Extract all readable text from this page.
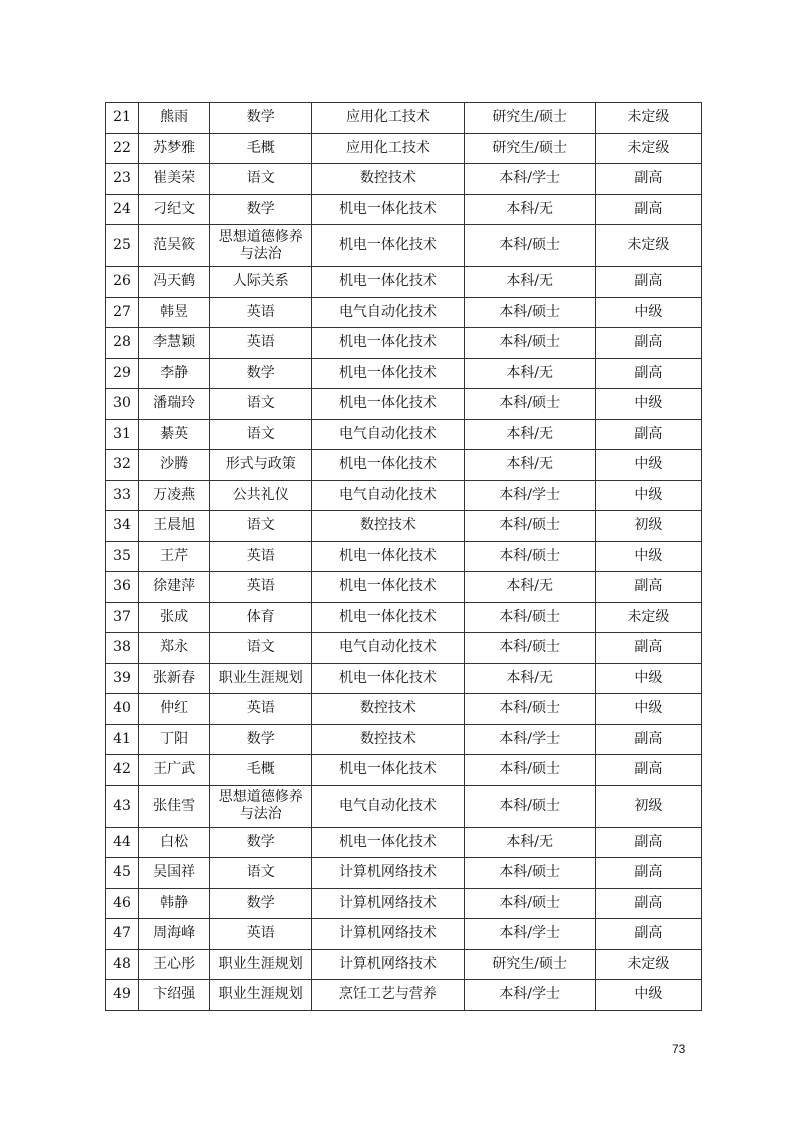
21	熊雨	数学	应用化工技术	研究生/硕士	未定级
22	苏梦雅	毛概	应用化工技术	研究生/硕士	未定级
23	崔美荣	语文	数控技术	本科/学士	副高
24	刁纪文	数学	机电一体化技术	本科/无	副高
25	范吴筱	思想道德修养与法治	机电一体化技术	本科/硕士	未定级
26	冯天鹤	人际关系	机电一体化技术	本科/无	副高
27	韩昱	英语	电气自动化技术	本科/硕士	中级
28	李慧颖	英语	机电一体化技术	本科/硕士	副高
29	李静	数学	机电一体化技术	本科/无	副高
30	潘瑞玲	语文	机电一体化技术	本科/硕士	中级
31	綦英	语文	电气自动化技术	本科/无	副高
32	沙腾	形式与政策	机电一体化技术	本科/无	中级
33	万凌燕	公共礼仪	电气自动化技术	本科/学士	中级
34	王晨旭	语文	数控技术	本科/硕士	初级
35	王芹	英语	机电一体化技术	本科/硕士	中级
36	徐建萍	英语	机电一体化技术	本科/无	副高
37	张成	体育	机电一体化技术	本科/硕士	未定级
38	郑永	语文	电气自动化技术	本科/硕士	副高
39	张新春	职业生涯规划	机电一体化技术	本科/无	中级
40	仲红	英语	数控技术	本科/硕士	中级
41	丁阳	数学	数控技术	本科/学士	副高
42	王广武	毛概	机电一体化技术	本科/硕士	副高
43	张佳雪	思想道德修养与法治	电气自动化技术	本科/硕士	初级
44	白松	数学	机电一体化技术	本科/无	副高
45	吴国祥	语文	计算机网络技术	本科/硕士	副高
46	韩静	数学	计算机网络技术	本科/硕士	副高
47	周海峰	英语	计算机网络技术	本科/学士	副高
48	王心彤	职业生涯规划	计算机网络技术	研究生/硕士	未定级
49	卞绍强	职业生涯规划	烹饪工艺与营养	本科/学士	中级
73
